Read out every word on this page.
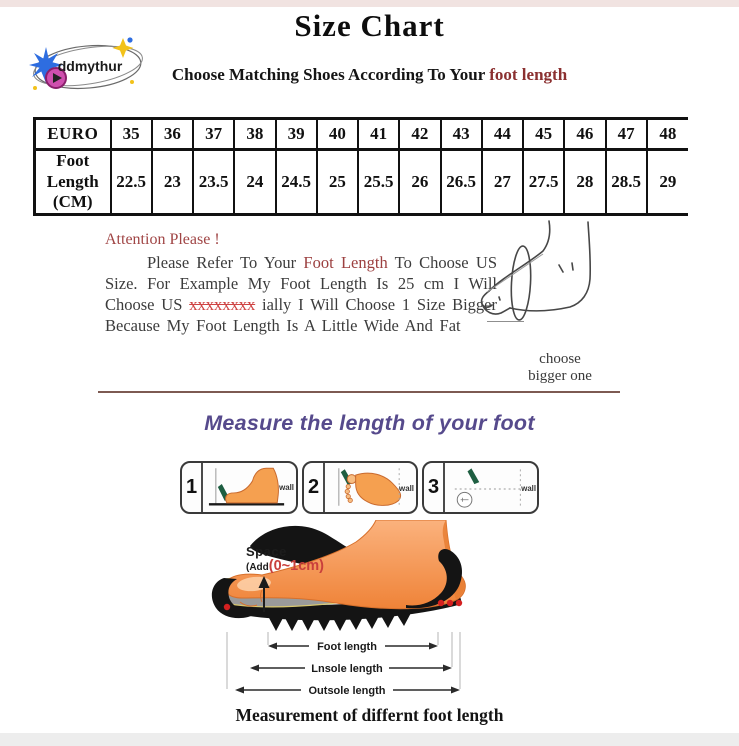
Size Chart
ddmythur	Choose Matching Shoes According To Your foot length
EURO	35	36	37	38	39	40	41	42	43	44	45	46	47	48
Foot Length (CM)	22.5	23	23.5	24	24.5	25	25.5	26	26.5	27	27.5	28	28.5	29
Attention Please !

Please Refer To Your Foot Length To Choose US Size. For Example My Foot Length Is 25 cm I Will Choose US xxxxxxxx ially I Will Choose 1 Size Bigger Because My Foot Length Is A Little Wide And Fat

choose
bigger one
Measure the length of your foot
1	wall 2	wall 3	wall
Space
(Add(0~1cm)
Foot length
Lnsole length
Outsole length
Measurement of differnt foot length
